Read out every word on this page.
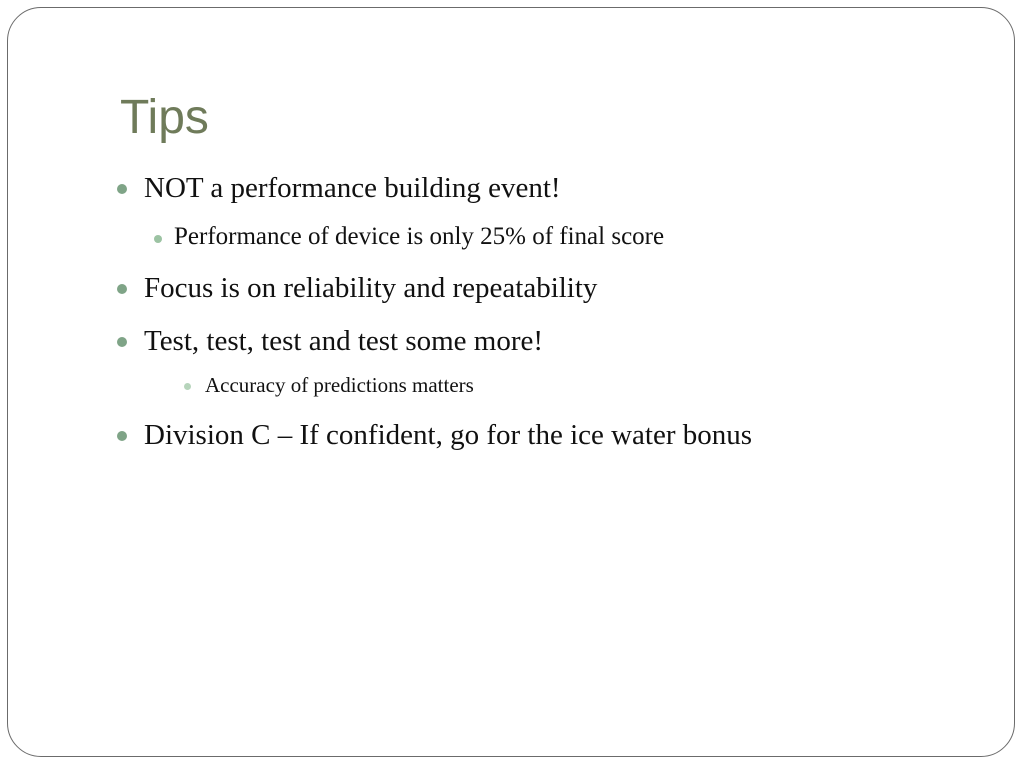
Tips
NOT a performance building event!
Performance of device is only 25% of final score
Focus is on reliability and repeatability
Test, test, test and test some more!
Accuracy of predictions matters
Division C – If confident, go for the ice water bonus
